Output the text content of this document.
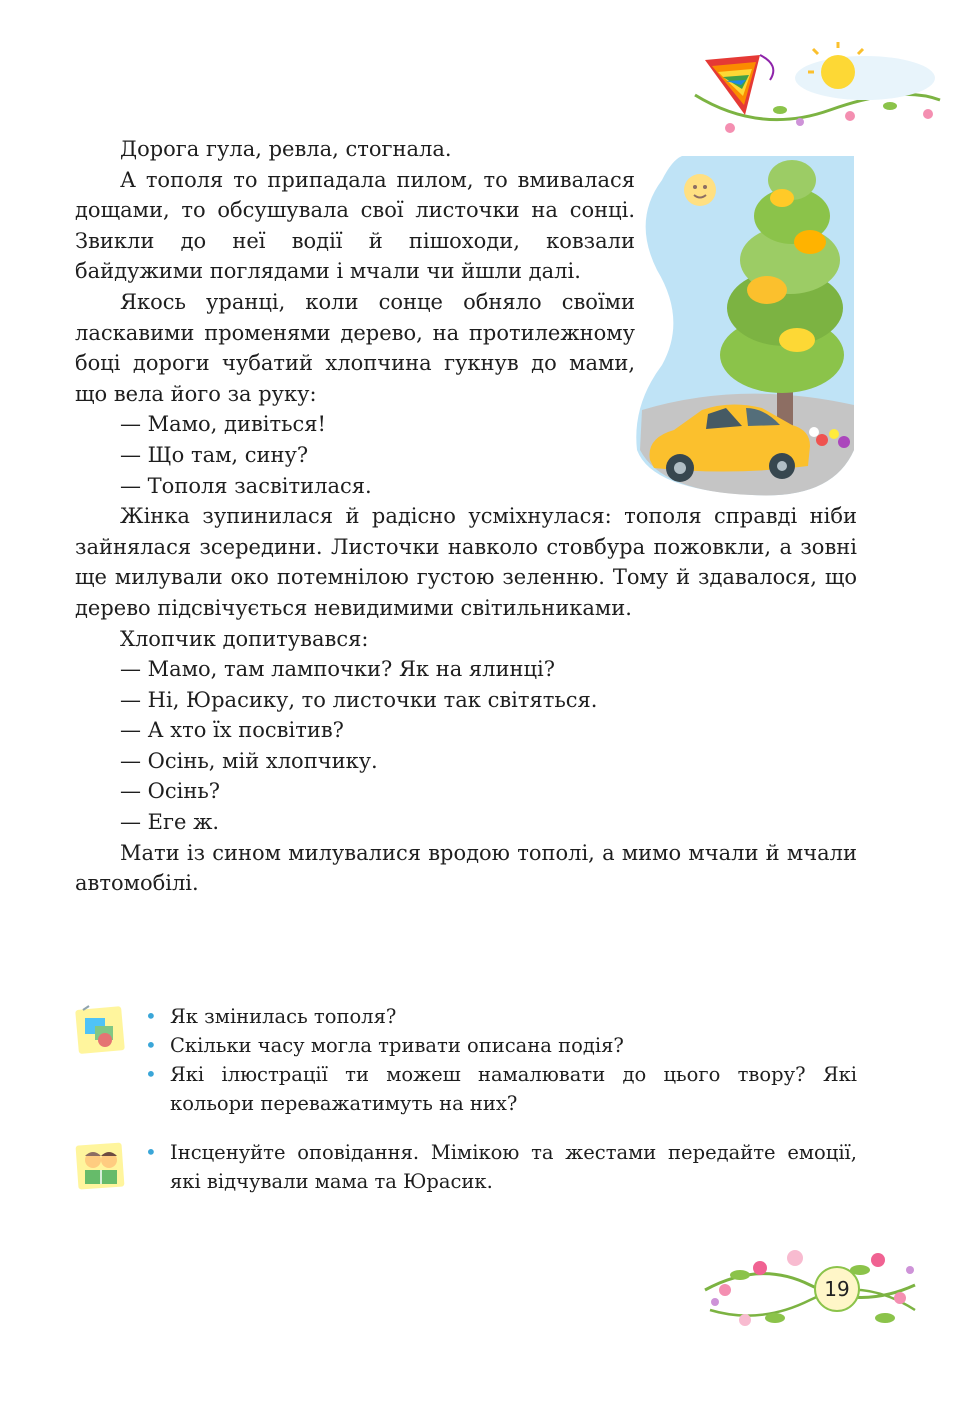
Дорога гула, ревла, стогнала.

А тополя то припадала пилом, то вмивалася дощами, то обсушувала свої листочки на сонці. Звикли до неї водії й пішоходи, ковзали байдужими поглядами і мчали чи йшли далі.

Якось уранці, коли сонце обняло своїми ласкавими променями дерево, на протилежному боці дороги чубатий хлопчина гукнув до мами, що вела його за руку:

— Мамо, дивіться!

— Що там, сину?

— Тополя засвітилася.

Жінка зупинилася й радісно усміхнулася: тополя справді ніби зайнялася зсередини. Листочки навколо стовбура пожовкли, а зовні ще милували око потемнілою густою зеленню. Тому й здавалося, що дерево підсвічується невидимими світильниками.

Хлопчик допитувався:

— Мамо, там лампочки? Як на ялинці?

— Ні, Юрасику, то листочки так світяться.

— А хто їх посвітив?

— Осінь, мій хлопчику.

— Осінь?

— Еге ж.

Мати із сином милувалися вродою тополі, а мимо мчали й мчали автомобілі.

• Як змінилась тополя?
• Скільки часу могла тривати описана подія?
• Які ілюстрації ти можеш намалювати до цього твору? Які кольори переважатимуть на них?
• Інсценуйте оповідання. Мімікою та жестами передайте емоції, які відчували мама та Юрасик.
19
